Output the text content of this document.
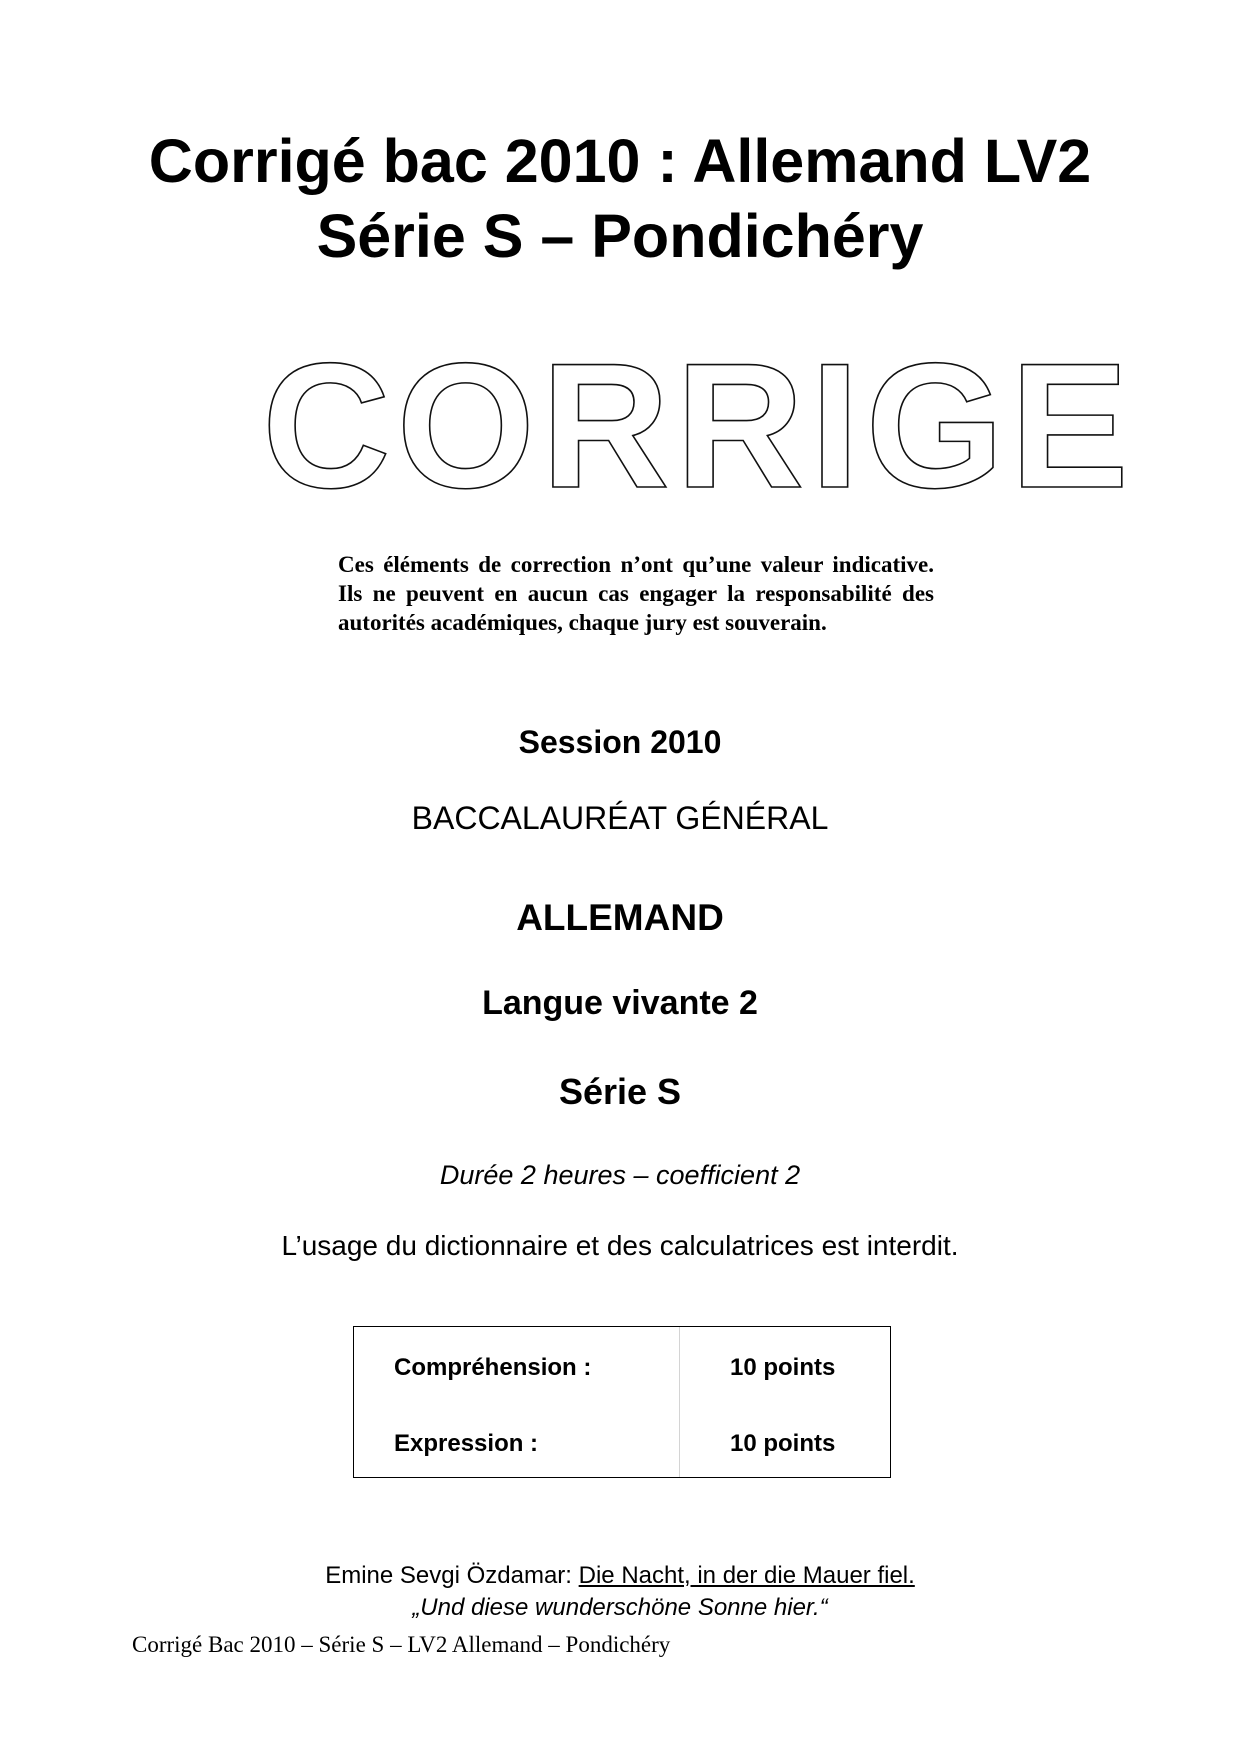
Corrigé bac 2010 : Allemand LV2
Série S – Pondichéry
CORRIGE
Ces éléments de correction n’ont qu’une valeur indicative. Ils ne peuvent en aucun cas engager la responsabilité des autorités académiques, chaque jury est souverain.
Session 2010
BACCALAURÉAT GÉNÉRAL
ALLEMAND
Langue vivante 2
Série S
Durée 2 heures – coefficient 2
L’usage du dictionnaire et des calculatrices est interdit.
Compréhension :	10 points
Expression :	10 points
Emine Sevgi Özdamar: Die Nacht, in der die Mauer fiel.
„Und diese wunderschöne Sonne hier.“
Corrigé Bac 2010 – Série S – LV2 Allemand – Pondichéry
